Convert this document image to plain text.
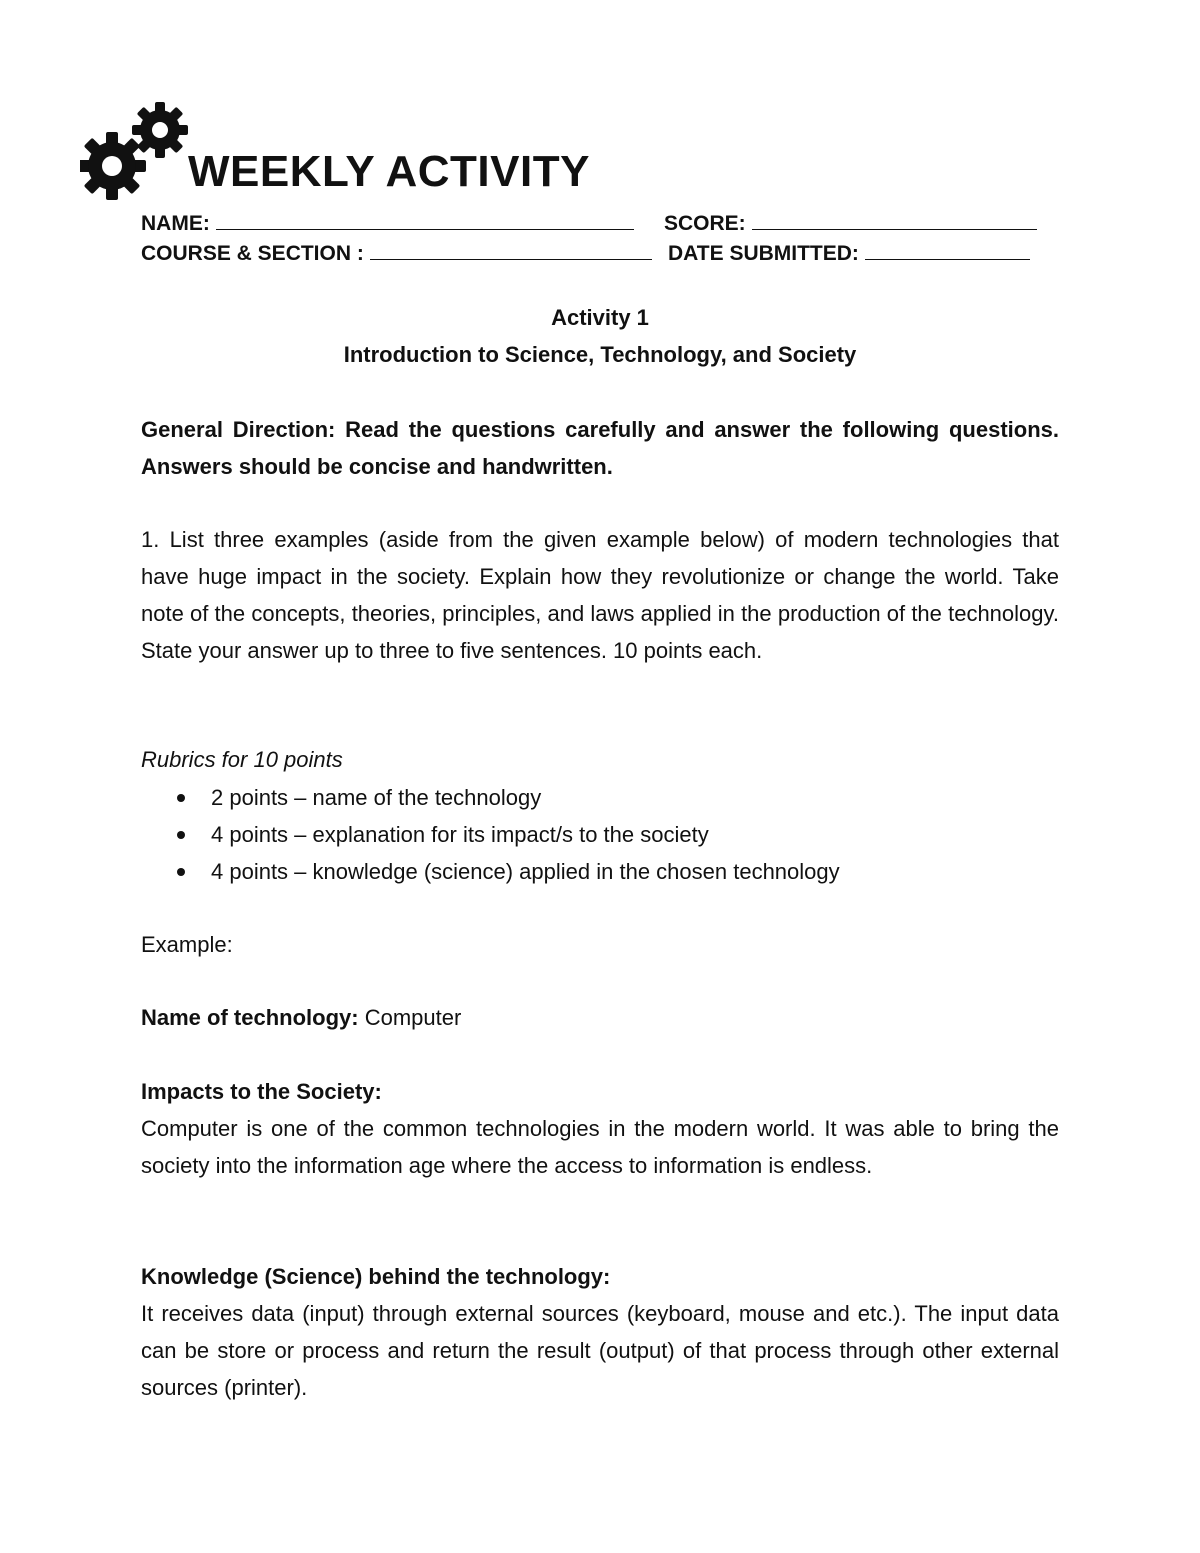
WEEKLY ACTIVITY
NAME:	SCORE:
COURSE & SECTION :	DATE SUBMITTED:
Activity 1
Introduction to Science, Technology, and Society
General Direction: Read the questions carefully and answer the following questions. Answers should be concise and handwritten.
1. List three examples (aside from the given example below) of modern technologies that have huge impact in the society. Explain how they revolutionize or change the world. Take note of the concepts, theories, principles, and laws applied in the production of the technology. State your answer up to three to five sentences. 10 points each.
Rubrics for 10 points
2 points – name of the technology
4 points – explanation for its impact/s to the society
4 points – knowledge (science) applied in the chosen technology
Example:
Name of technology: Computer
Impacts to the Society:
Computer is one of the common technologies in the modern world. It was able to bring the society into the information age where the access to information is endless.
Knowledge (Science) behind the technology:
It receives data (input) through external sources (keyboard, mouse and etc.). The input data can be store or process and return the result (output) of that process through other external sources (printer).
